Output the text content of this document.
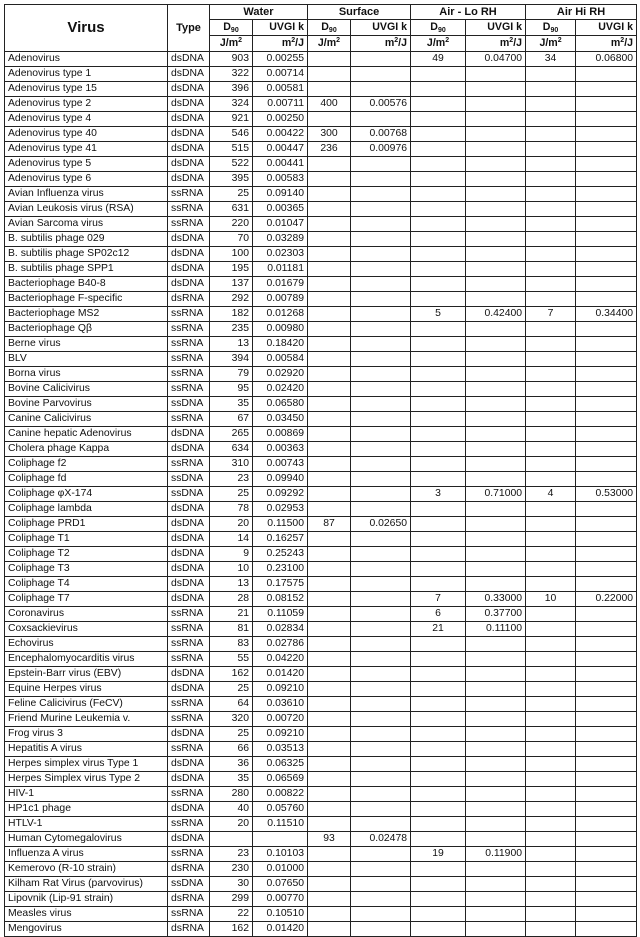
Virus	Type	Water		Surface		Air - Lo RH		Air Hi RH	
		$D_{90}$	UVGI k	$D_{90}$	UVGI k	$D_{90}$	UVGI k	$D_{90}$	UVGI k
		$J/m^2$	$m^2/J$	$J/m^2$	$m^2/J$	$J/m^2$	$m^2/J$	$J/m^2$	$m^2/J$
Adenovirus	dsDNA	903	0.00255			49	0.04700	34	0.06800
Adenovirus type 1	dsDNA	322	0.00714						
Adenovirus type 15	dsDNA	396	0.00581						
Adenovirus type 2	dsDNA	324	0.00711	400	0.00576				
Adenovirus type 4	dsDNA	921	0.00250						
Adenovirus type 40	dsDNA	546	0.00422	300	0.00768				
Adenovirus type 41	dsDNA	515	0.00447	236	0.00976				
Adenovirus type 5	dsDNA	522	0.00441						
Adenovirus type 6	dsDNA	395	0.00583						
Avian Influenza virus	ssRNA	25	0.09140						
Avian Leukosis virus (RSA)	ssRNA	631	0.00365						
Avian Sarcoma virus	ssRNA	220	0.01047						
B. subtilis phage 029	dsDNA	70	0.03289						
B. subtilis phage SP02c12	dsDNA	100	0.02303						
B. subtilis phage SPP1	dsDNA	195	0.01181						
Bacteriophage B40-8	dsDNA	137	0.01679						
Bacteriophage F-specific	dsRNA	292	0.00789						
Bacteriophage MS2	ssRNA	182	0.01268			5	0.42400	7	0.34400
Bacteriophage Qβ	ssRNA	235	0.00980						
Berne virus	ssRNA	13	0.18420						
BLV	ssRNA	394	0.00584						
Borna virus	ssRNA	79	0.02920						
Bovine Calicivirus	ssRNA	95	0.02420						
Bovine Parvovirus	ssDNA	35	0.06580						
Canine Calicivirus	ssRNA	67	0.03450						
Canine hepatic Adenovirus	dsDNA	265	0.00869						
Cholera phage Kappa	dsDNA	634	0.00363						
Coliphage f2	ssRNA	310	0.00743						
Coliphage fd	ssDNA	23	0.09940						
Coliphage φX-174	ssDNA	25	0.09292			3	0.71000	4	0.53000
Coliphage lambda	dsDNA	78	0.02953						
Coliphage PRD1	dsDNA	20	0.11500	87	0.02650				
Coliphage T1	dsDNA	14	0.16257						
Coliphage T2	dsDNA	9	0.25243						
Coliphage T3	dsDNA	10	0.23100						
Coliphage T4	dsDNA	13	0.17575						
Coliphage T7	dsDNA	28	0.08152			7	0.33000	10	0.22000
Coronavirus	ssRNA	21	0.11059			6	0.37700		
Coxsackievirus	ssRNA	81	0.02834			21	0.11100		
Echovirus	ssRNA	83	0.02786						
Encephalomyocarditis virus	ssRNA	55	0.04220						
Epstein-Barr virus (EBV)	dsDNA	162	0.01420						
Equine Herpes virus	dsDNA	25	0.09210						
Feline Calicivirus (FeCV)	ssRNA	64	0.03610						
Friend Murine Leukemia v.	ssRNA	320	0.00720						
Frog virus 3	dsDNA	25	0.09210						
Hepatitis A virus	ssRNA	66	0.03513						
Herpes simplex virus Type 1	dsDNA	36	0.06325						
Herpes Simplex virus Type 2	dsDNA	35	0.06569						
HIV-1	ssRNA	280	0.00822						
HP1c1 phage	dsDNA	40	0.05760						
HTLV-1	ssRNA	20	0.11510						
Human Cytomegalovirus	dsDNA			93	0.02478				
Influenza A virus	ssRNA	23	0.10103			19	0.11900		
Kemerovo (R-10 strain)	dsRNA	230	0.01000						
Kilham Rat Virus (parvovirus)	ssDNA	30	0.07650						
Lipovnik (Lip-91 strain)	dsRNA	299	0.00770						
Measles virus	ssRNA	22	0.10510						
Mengovirus	dsRNA	162	0.01420						
